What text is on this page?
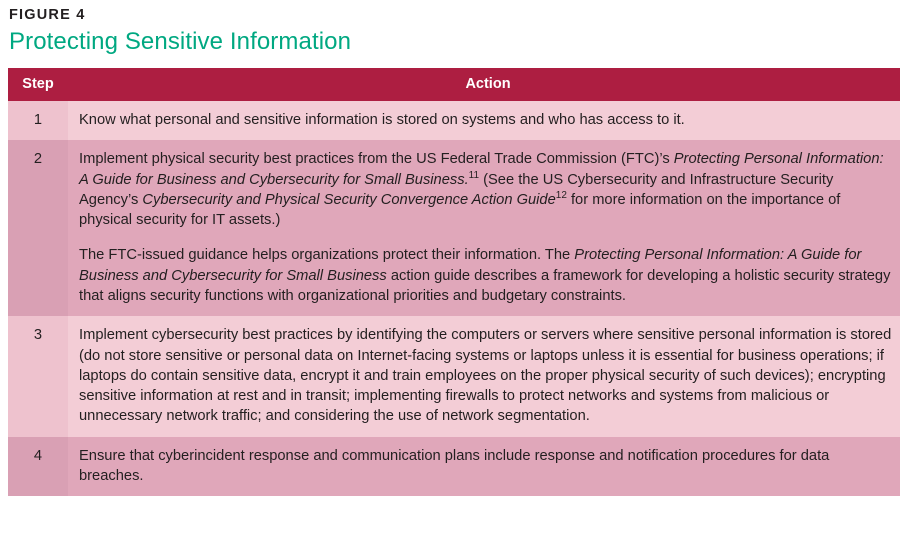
FIGURE 4
Protecting Sensitive Information
Step	Action
1	Know what personal and sensitive information is stored on systems and who has access to it.

2	Implement physical security best practices from the US Federal Trade Commission (FTC)’s Protecting Personal Information: A Guide for Business and Cybersecurity for Small Business.$^{11}$ (See the US Cybersecurity and Infrastructure Security Agency’s Cybersecurity and Physical Security Convergence Action Guide$^{12}$ for more information on the importance of physical security for IT assets.)

The FTC-issued guidance helps organizations protect their information. The Protecting Personal Information: A Guide for Business and Cybersecurity for Small Business action guide describes a framework for developing a holistic security strategy that aligns security functions with organizational priorities and budgetary constraints.

3	Implement cybersecurity best practices by identifying the computers or servers where sensitive personal information is stored (do not store sensitive or personal data on Internet-facing systems or laptops unless it is essential for business operations; if laptops do contain sensitive data, encrypt it and train employees on the proper physical security of such devices); encrypting sensitive information at rest and in transit; implementing firewalls to protect networks and systems from malicious or unnecessary network traffic; and considering the use of network segmentation.

4	Ensure that cyberincident response and communication plans include response and notification procedures for data breaches.
